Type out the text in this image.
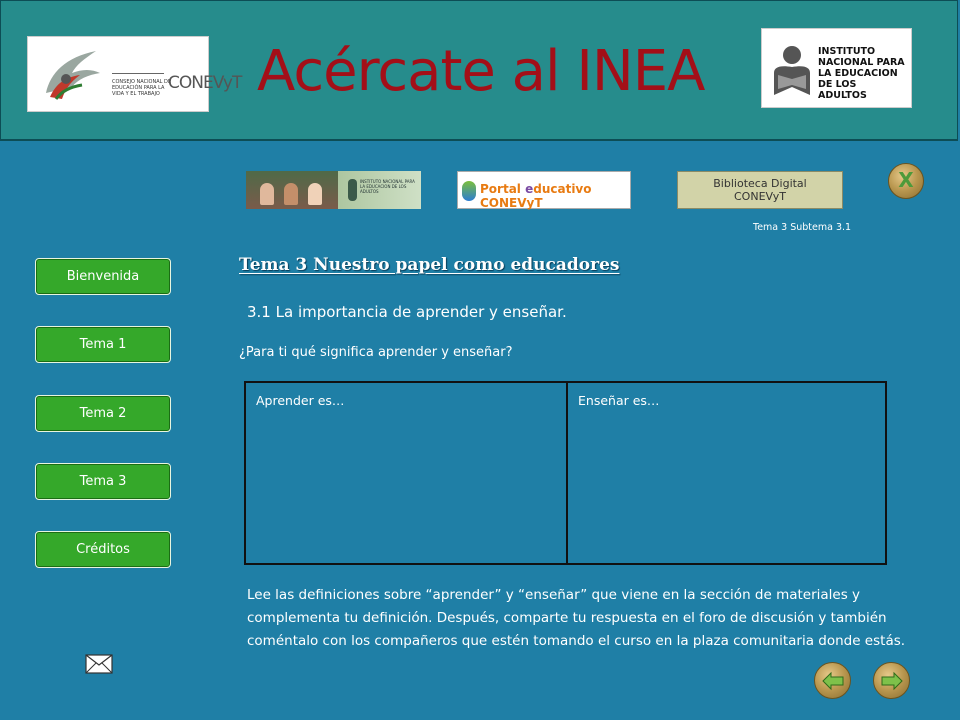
CONSEJO NACIONAL DE EDUCACIÓN PARA LA VIDA Y EL TRABAJO
CONEVyT Acércate al INEA	INSTITUTO NACIONAL PARA LA EDUCACION DE LOS ADULTOS
INSTITUTO NACIONAL PARA LA EDUCACION DE LOS ADULTOS	Portal educativo CONEVyT
Biblioteca Digital
CONEVyT
X
Tema 3 Subtema 3.1
Bienvenida
Tema 1
Tema 2
Tema 3
Créditos
Tema 3 Nuestro papel como educadores
3.1 La importancia de aprender y enseñar.
¿Para ti qué significa aprender y enseñar?
Aprender es…	Enseñar es…
Lee las definiciones sobre “aprender” y “enseñar” que viene en la sección de materiales y complementa tu definición. Después, comparte tu respuesta en el foro de discusión y también coméntalo con los compañeros que estén tomando el curso en la plaza comunitaria donde estás.
